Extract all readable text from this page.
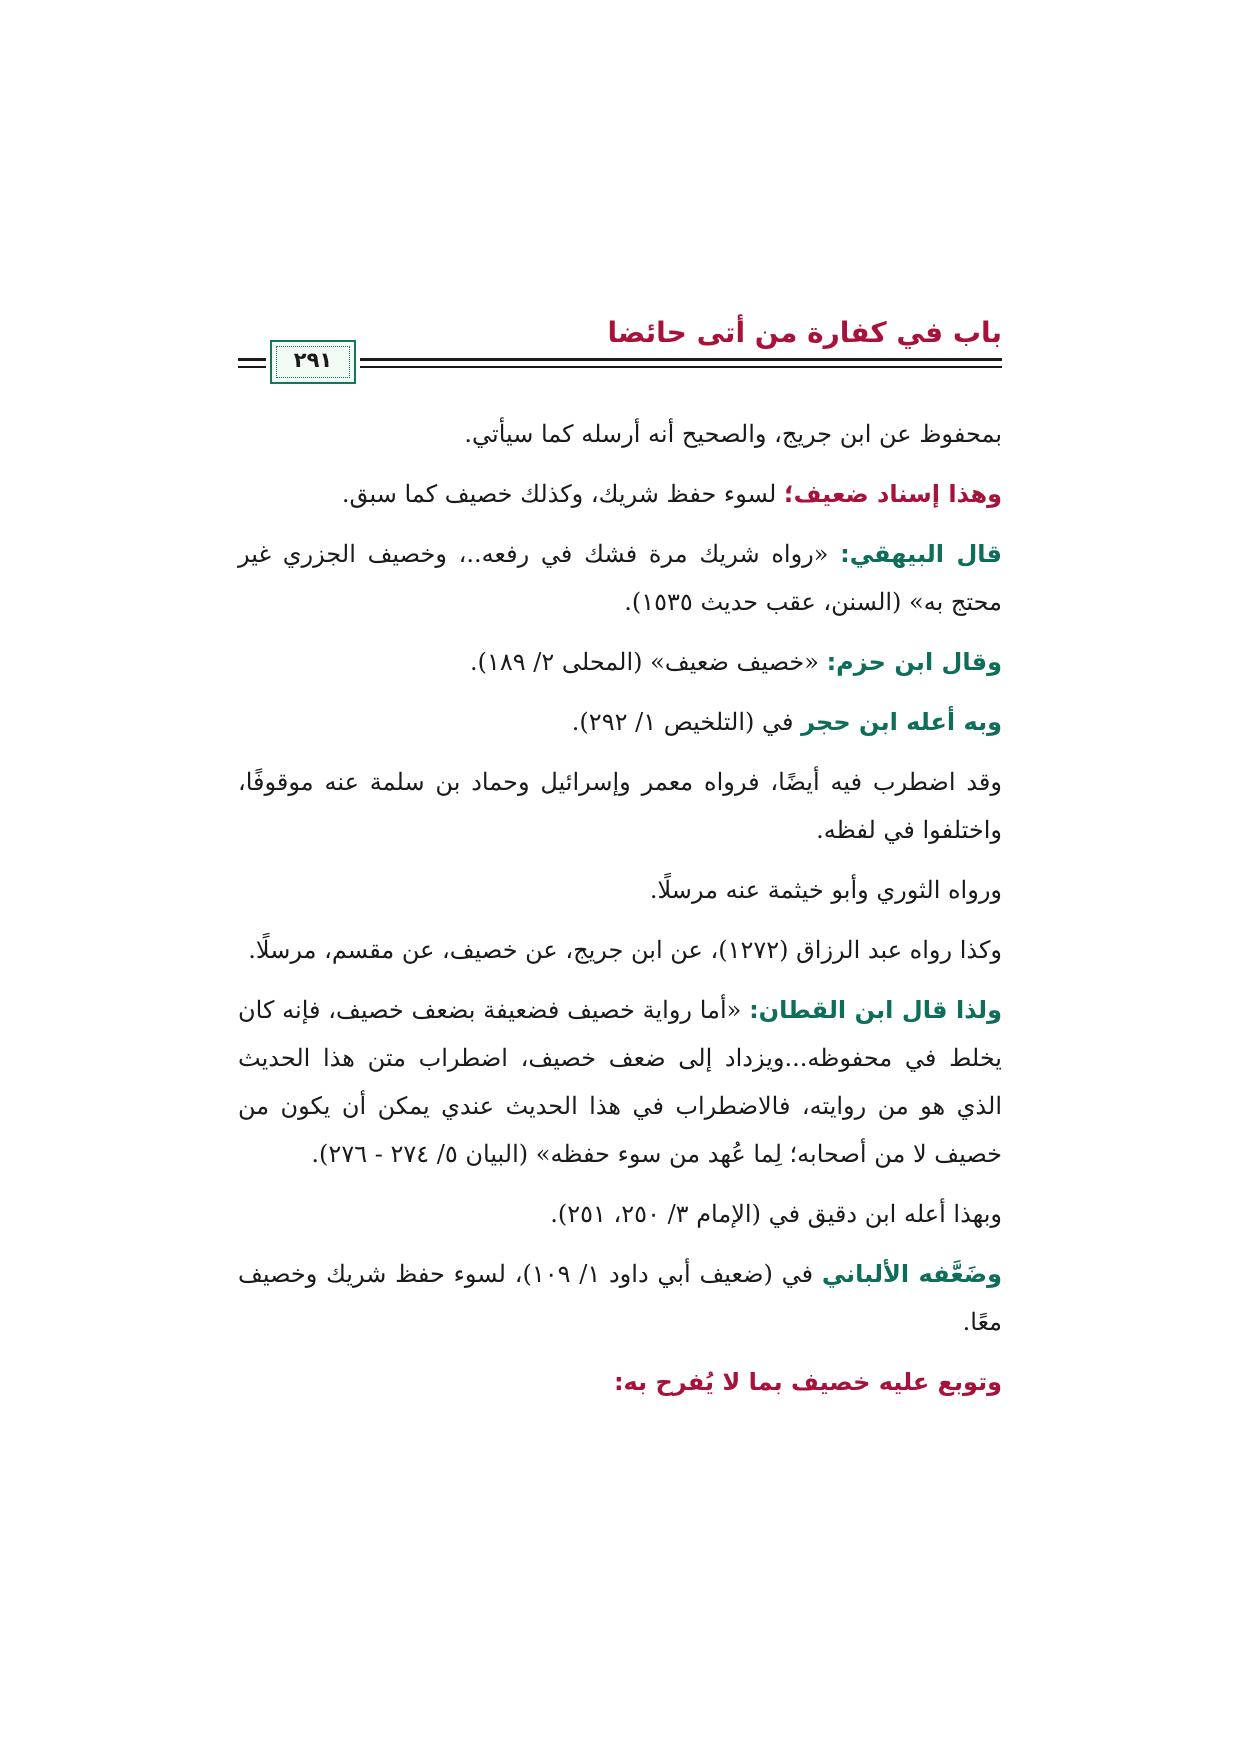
باب في كفارة من أتى حائضا
٢٩١

بمحفوظ عن ابن جريج، والصحيح أنه أرسله كما سيأتي.

وهذا إسناد ضعيف؛ لسوء حفظ شريك، وكذلك خصيف كما سبق.

قال البيهقي: «رواه شريك مرة فشك في رفعه..، وخصيف الجزري غير محتج به» (السنن، عقب حديث ١٥٣٥).

وقال ابن حزم: «خصيف ضعيف» (المحلى ٢/ ١٨٩).

وبه أعله ابن حجر في (التلخيص ١/ ٢٩٢).

وقد اضطرب فيه أيضًا، فرواه معمر وإسرائيل وحماد بن سلمة عنه موقوفًا، واختلفوا في لفظه.

ورواه الثوري وأبو خيثمة عنه مرسلًا.

وكذا رواه عبد الرزاق (١٢٧٢)، عن ابن جريج، عن خصيف، عن مقسم، مرسلًا.

ولذا قال ابن القطان: «أما رواية خصيف فضعيفة بضعف خصيف، فإنه كان يخلط في محفوظه...ويزداد إلى ضعف خصيف، اضطراب متن هذا الحديث الذي هو من روايته، فالاضطراب في هذا الحديث عندي يمكن أن يكون من خصيف لا من أصحابه؛ لِما عُهد من سوء حفظه» (البيان ٥/ ٢٧٤ - ٢٧٦).

وبهذا أعله ابن دقيق في (الإمام ٣/ ٢٥٠، ٢٥١).

وضَعَّفه الألباني في (ضعيف أبي داود ١/ ١٠٩)، لسوء حفظ شريك وخصيف معًا.

وتوبع عليه خصيف بما لا يُفرح به:
